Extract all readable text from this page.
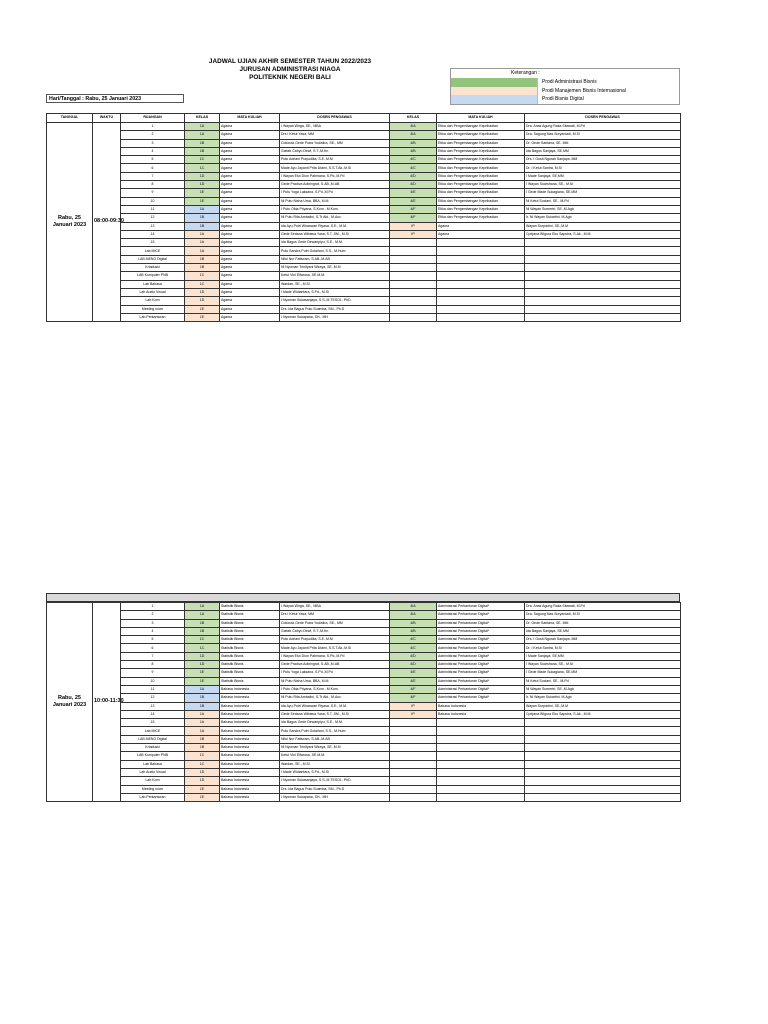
JADWAL UJIAN AKHIR SEMESTER TAHUN 2022/2023
JURUSAN ADMINISTRASI NIAGA
POLITEKNIK NEGERI BALI
Keterangan :
Prodi Administrasi Bisnis
Prodi Manajemen Bisnis Internasional
Prodi Bisnis Digital
Hari/Tanggal : Rabu, 25 Januari 2023
TANGGAL	WAKTU	RUANGAN	KELAS	MATA KULIAH	DOSEN PENGAWAS	KELAS	MATA KULIAH	DOSEN PENGAWAS
Rabu, 25 Januari 2023	08:00-09:30	1	1A	Agama	I Wayan Wirga, SE., MBA	4/A	Etika dan Pengembangan Kepribadian	Dra. Anak Agung Raka Sitawati, M.Pd
		2	1A	Agama	Drs I Ketut Yasa, MM	4/A	Etika dan Pengembangan Kepribadian	Dra. Sagung Mas Suryaniadi, M.Si
		3	1B	Agama	Cokorda Gede Putra Yudistira, SE., MM	4/B	Etika dan Pengembangan Kepribadian	Dr. Gede Santana, SE. MM
		4	1B	Agama	Gabek Cahyo Dewi, S.T.,M.Kn	4/B	Etika dan Pengembangan Kepribadian	Ida Bagus Sanjaya, SE,MM
		5	1C	Agama	Putu Adriani Prayudika, S.E.,M.M	4/C	Etika dan Pengembangan Kepribadian	Drs. I Gusti Ngurah Sanjaya, MM
		6	1C	Agama	Made Ayu Jayanti Prita Utami, S.S.T.Ak.,M.Si	4/C	Etika dan Pengembangan Kepribadian	Dr. I Ketut Santra, M.Si
		7	1D	Agama	I Wayan Eko Dion Pahmana, S.Pd.,M.Pd	4/D	Etika dan Pengembangan Kepribadian	I Made Sanjaya, SE,MM
		8	1D	Agama	Gede Pradiva Adiningrat, S.AB.,M.AB	4/D	Etika dan Pengembangan Kepribadian	I Wayan Suarshana, SE., M.M
		9	1E	Agama	I Putu Yoga Laksana, S.Pd.,M.Pd	4/E	Etika dan Pengembangan Kepribadian	I Gede Made Sukagiana, SE,MM
		10	1E	Agama	Ni Putu Nisha Uma, BBA, M.M.	4/E	Etika dan Pengembangan Kepribadian	Ni Ketut Suciani, SE., M.Pd
		11	1A	Agama	I Putu Okta Priyana, S.Kom., M.Kom.	4/F	Etika dan Pengembangan Kepribadian	Ni Wayan Sumertri, SE.,M.Agb
		12	1B	Agama	Ni Putu Rita Ambalini, S.Tr.Akt., M.Acc.	4/F	Etika dan Pengembangan Kepribadian	Ir. Ni Wayan Sukartini, M.Agb
		13	1B	Agama	Ida Ayu Putri Wiraswari Riyasa, S.E., M.M.	IP	Agama	Wayan Surpartini, SE.,M.M
		14	1A	Agama	Gede Sedana Wibawa Yasa, S.T.,SM., M.Si	IP	Agama	Cpejana Wigura Eko Saputra, S.Ak., M.M.
		15	1A	Agama	Ida Bagus Gede Dewanpiyu, S.E., M.M.			
		Lab MICE	1A	Agama	Putu Sandra Putri Golariani, S.S., M.Hum.			
		LAB MENO Digital	1B	Agama	Nilui Nur Fatturam, S.AB.,M.AB			
		Kriaduski	1B	Agama	Ni Nyoman Trinityani Wiraya, SE.,M.M			
		LAB Komputer PNB	1C	Agama	Ketut Vini Elfarosa, SE.M.M.			
		Lab Bahasa	1C	Agama	Wardan, SE., M.Si			
		Lab Audio Visual	1D	Agama	I Made Widiantara, S.Pd., M.Si			
		Lab Kom	1D	Agama	I Nyoman Sukasanjaya, S.S.,M.TESOL, PhD.			
		Meeting room	1E	Agama	Drs. Ida Bagus Putu Suamba, SM., Ph.D			
		Lab Perkantoran	1E	Agama	I Nyoman Sukapana, SH., MH			
Rabu, 25 Januari 2023	10:00-11:30	1	1A	Statistik Bisnis	I Wayan Wirga, SE., MBA	4/A	Administrasi Perkantoran Digital*	Dra. Anak Agung Raka Sitawati, M.Pd
		2	1A	Statistik Bisnis	Drs I Ketut Yasa, MM	4/A	Administrasi Perkantoran Digital*	Dra. Sagung Mas Suryaniadi, M.Si
		3	1B	Statistik Bisnis	Cokorda Gede Putra Yudistira, SE., MM	4/B	Administrasi Perkantoran Digital*	Dr. Gede Santana, SE. MM
		4	1B	Statistik Bisnis	Gabek Cahyo Dewi, S.T.,M.Kn	4/B	Administrasi Perkantoran Digital*	Ida Bagus Sanjaya, SE,MM
		5	1C	Statistik Bisnis	Putu Adriani Prayudika, S.E.,M.M	4/C	Administrasi Perkantoran Digital*	Drs. I Gusti Ngurah Sanjaya, MM
		6	1C	Statistik Bisnis	Made Ayu Jayanti Prita Utami, S.S.T.Ak.,M.Si	4/C	Administrasi Perkantoran Digital*	Dr. I Ketut Santra, M.Si
		7	1D	Statistik Bisnis	I Wayan Eko Dion Pahmana, S.Pd.,M.Pd	4/D	Administrasi Perkantoran Digital*	I Made Sanjaya, SE,MM
		8	1D	Statistik Bisnis	Gede Pradiva Adiningrat, S.AB.,M.AB	4/D	Administrasi Perkantoran Digital*	I Wayan Suarshana, SE., M.M
		9	1E	Statistik Bisnis	I Putu Yoga Laksana, S.Pd.,M.Pd	4/E	Administrasi Perkantoran Digital*	I Gede Made Sukagiana, SE,MM
		10	1E	Statistik Bisnis	Ni Putu Nisha Uma, BBA, M.M.	4/E	Administrasi Perkantoran Digital*	Ni Ketut Suciani, SE., M.Pd
		11	1A	Bahasa Indonesia	I Putu Okta Priyana, S.Kom., M.Kom.	4/F	Administrasi Perkantoran Digital*	Ni Wayan Sumertri, SE.,M.Agb
		12	1B	Bahasa Indonesia	Ni Putu Rita Ambalini, S.Tr.Akt., M.Acc.	4/F	Administrasi Perkantoran Digital*	Ir. Ni Wayan Sukartini, M.Agb
		13	1B	Bahasa Indonesia	Ida Ayu Putri Wiraswari Riyasa, S.E., M.M.	IP	Bahasa Indonesia	Wayan Surpartini, SE.,M.M
		14	1A	Bahasa Indonesia	Gede Sedana Wibawa Yasa, S.T.,SM., M.Si	IP	Bahasa Indonesia	Cpejana Wigura Eko Saputra, S.Ak., M.M.
		15	1A	Bahasa Indonesia	Ida Bagus Gede Dewanpiyu, S.E., M.M.			
		Lab MICE	1A	Bahasa Indonesia	Putu Sandra Putri Golariani, S.S., M.Hum.			
		LAB MENO Digital	1B	Bahasa Indonesia	Nilui Nur Fatturam, S.AB.,M.AB			
		Kriaduski	1B	Bahasa Indonesia	Ni Nyoman Trinityani Wiraya, SE.,M.M			
		LAB Komputer PNB	1C	Bahasa Indonesia	Ketut Vini Elfarosa, SE.M.M.			
		Lab Bahasa	1C	Bahasa Indonesia	Wardan, SE., M.Si			
		Lab Audio Visual	1D	Bahasa Indonesia	I Made Widiantara, S.Pd., M.Si			
		Lab Kom	1D	Bahasa Indonesia	I Nyoman Sukasanjaya, S.S.,M.TESOL, PhD.			
		Meeting room	1E	Bahasa Indonesia	Drs. Ida Bagus Putu Suamba, SM., Ph.D			
		Lab Perkantoran	1E	Bahasa Indonesia	I Nyoman Sukapana, SH., MH			
